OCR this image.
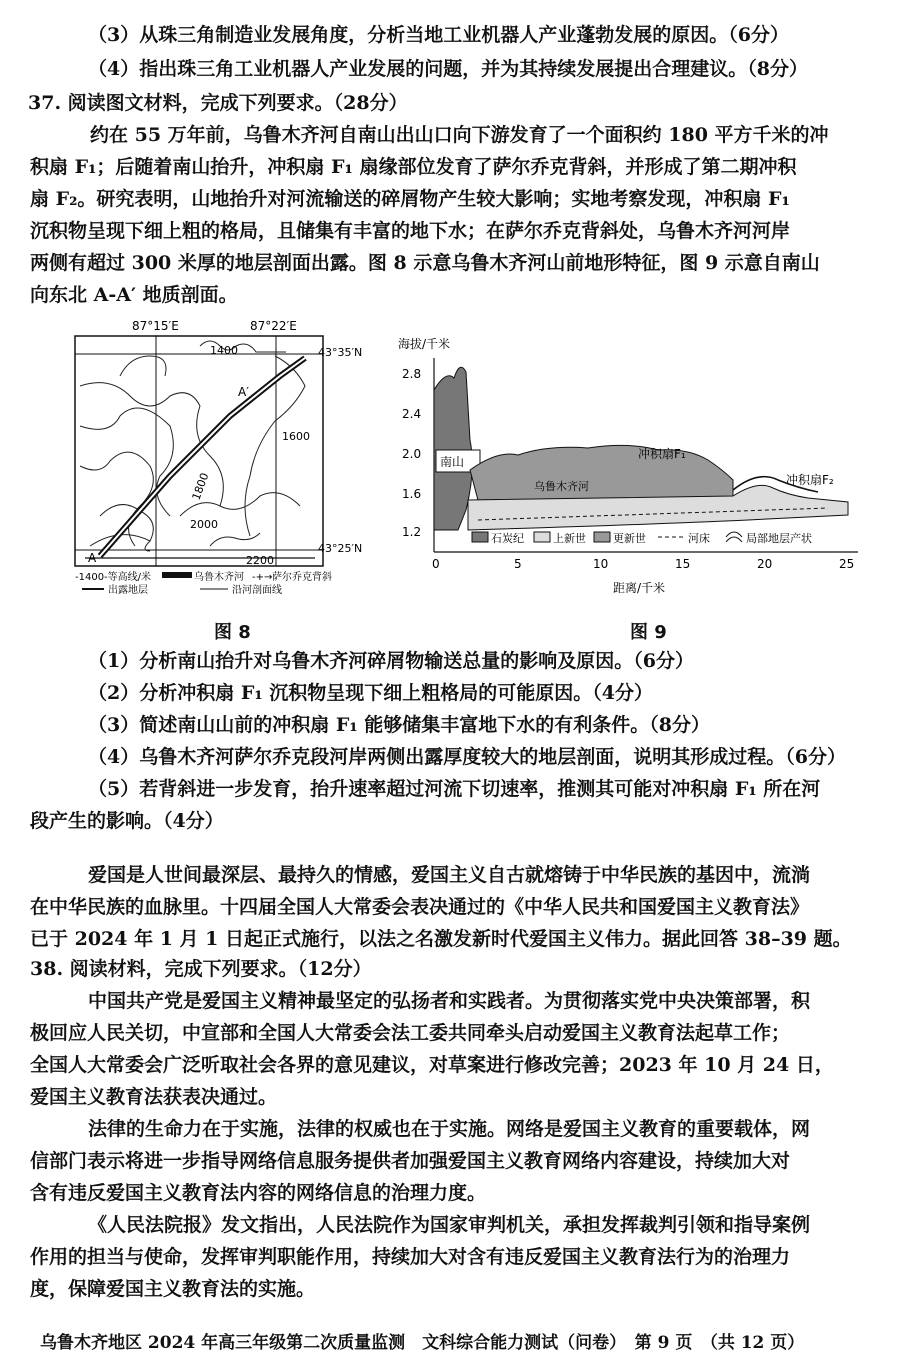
（3）从珠三角制造业发展角度，分析当地工业机器人产业蓬勃发展的原因。（6分）
（4）指出珠三角工业机器人产业发展的问题，并为其持续发展提出合理建议。（8分）
37. 阅读图文材料，完成下列要求。（28分）
约在 55 万年前，乌鲁木齐河自南山出山口向下游发育了一个面积约 180 平方千米的冲
积扇 F₁；后随着南山抬升，冲积扇 F₁ 扇缘部位发育了萨尔乔克背斜，并形成了第二期冲积
扇 F₂。研究表明，山地抬升对河流输送的碎屑物产生较大影响；实地考察发现，冲积扇 F₁
沉积物呈现下细上粗的格局，且储集有丰富的地下水；在萨尔乔克背斜处，乌鲁木齐河河岸
两侧有超过 300 米厚的地层剖面出露。图 8 示意乌鲁木齐河山前地形特征，图 9 示意自南山
向东北 A-A′ 地质剖面。
87°15′E	87°22′E
43°35′N
43°25′N
1400
1600
1800
2000
2200
A
A′
-1400-等高线/米	乌鲁木齐河 -+→ 萨尔乔克背斜
出露地层	沿河剖面线
图 8
海拔/千米
2.8
2.4
2.0
1.6
1.2
0	5	10	15	20	25
距离/千米
南山
冲积扇F₁
冲积扇F₂
乌鲁木齐河
石炭纪	上新世 更新世	河床	局部地层产状
图 9
（1）分析南山抬升对乌鲁木齐河碎屑物输送总量的影响及原因。（6分）
（2）分析冲积扇 F₁ 沉积物呈现下细上粗格局的可能原因。（4分）
（3）简述南山山前的冲积扇 F₁ 能够储集丰富地下水的有利条件。（8分）
（4）乌鲁木齐河萨尔乔克段河岸两侧出露厚度较大的地层剖面，说明其形成过程。（6分）
（5）若背斜进一步发育，抬升速率超过河流下切速率，推测其可能对冲积扇 F₁ 所在河
段产生的影响。（4分）
爱国是人世间最深层、最持久的情感，爱国主义自古就熔铸于中华民族的基因中，流淌
在中华民族的血脉里。十四届全国人大常委会表决通过的《中华人民共和国爱国主义教育法》
已于 2024 年 1 月 1 日起正式施行，以法之名激发新时代爱国主义伟力。据此回答 38–39 题。
38. 阅读材料，完成下列要求。（12分）
中国共产党是爱国主义精神最坚定的弘扬者和实践者。为贯彻落实党中央决策部署，积
极回应人民关切，中宣部和全国人大常委会法工委共同牵头启动爱国主义教育法起草工作；
全国人大常委会广泛听取社会各界的意见建议，对草案进行修改完善；2023 年 10 月 24 日，
爱国主义教育法获表决通过。
法律的生命力在于实施，法律的权威也在于实施。网络是爱国主义教育的重要载体，网
信部门表示将进一步指导网络信息服务提供者加强爱国主义教育网络内容建设，持续加大对
含有违反爱国主义教育法内容的网络信息的治理力度。
《人民法院报》发文指出，人民法院作为国家审判机关，承担发挥裁判引领和指导案例
作用的担当与使命，发挥审判职能作用，持续加大对含有违反爱国主义教育法行为的治理力
度，保障爱国主义教育法的实施。
乌鲁木齐地区 2024 年高三年级第二次质量监测　文科综合能力测试（问卷）　第 9 页　（共 12 页）
